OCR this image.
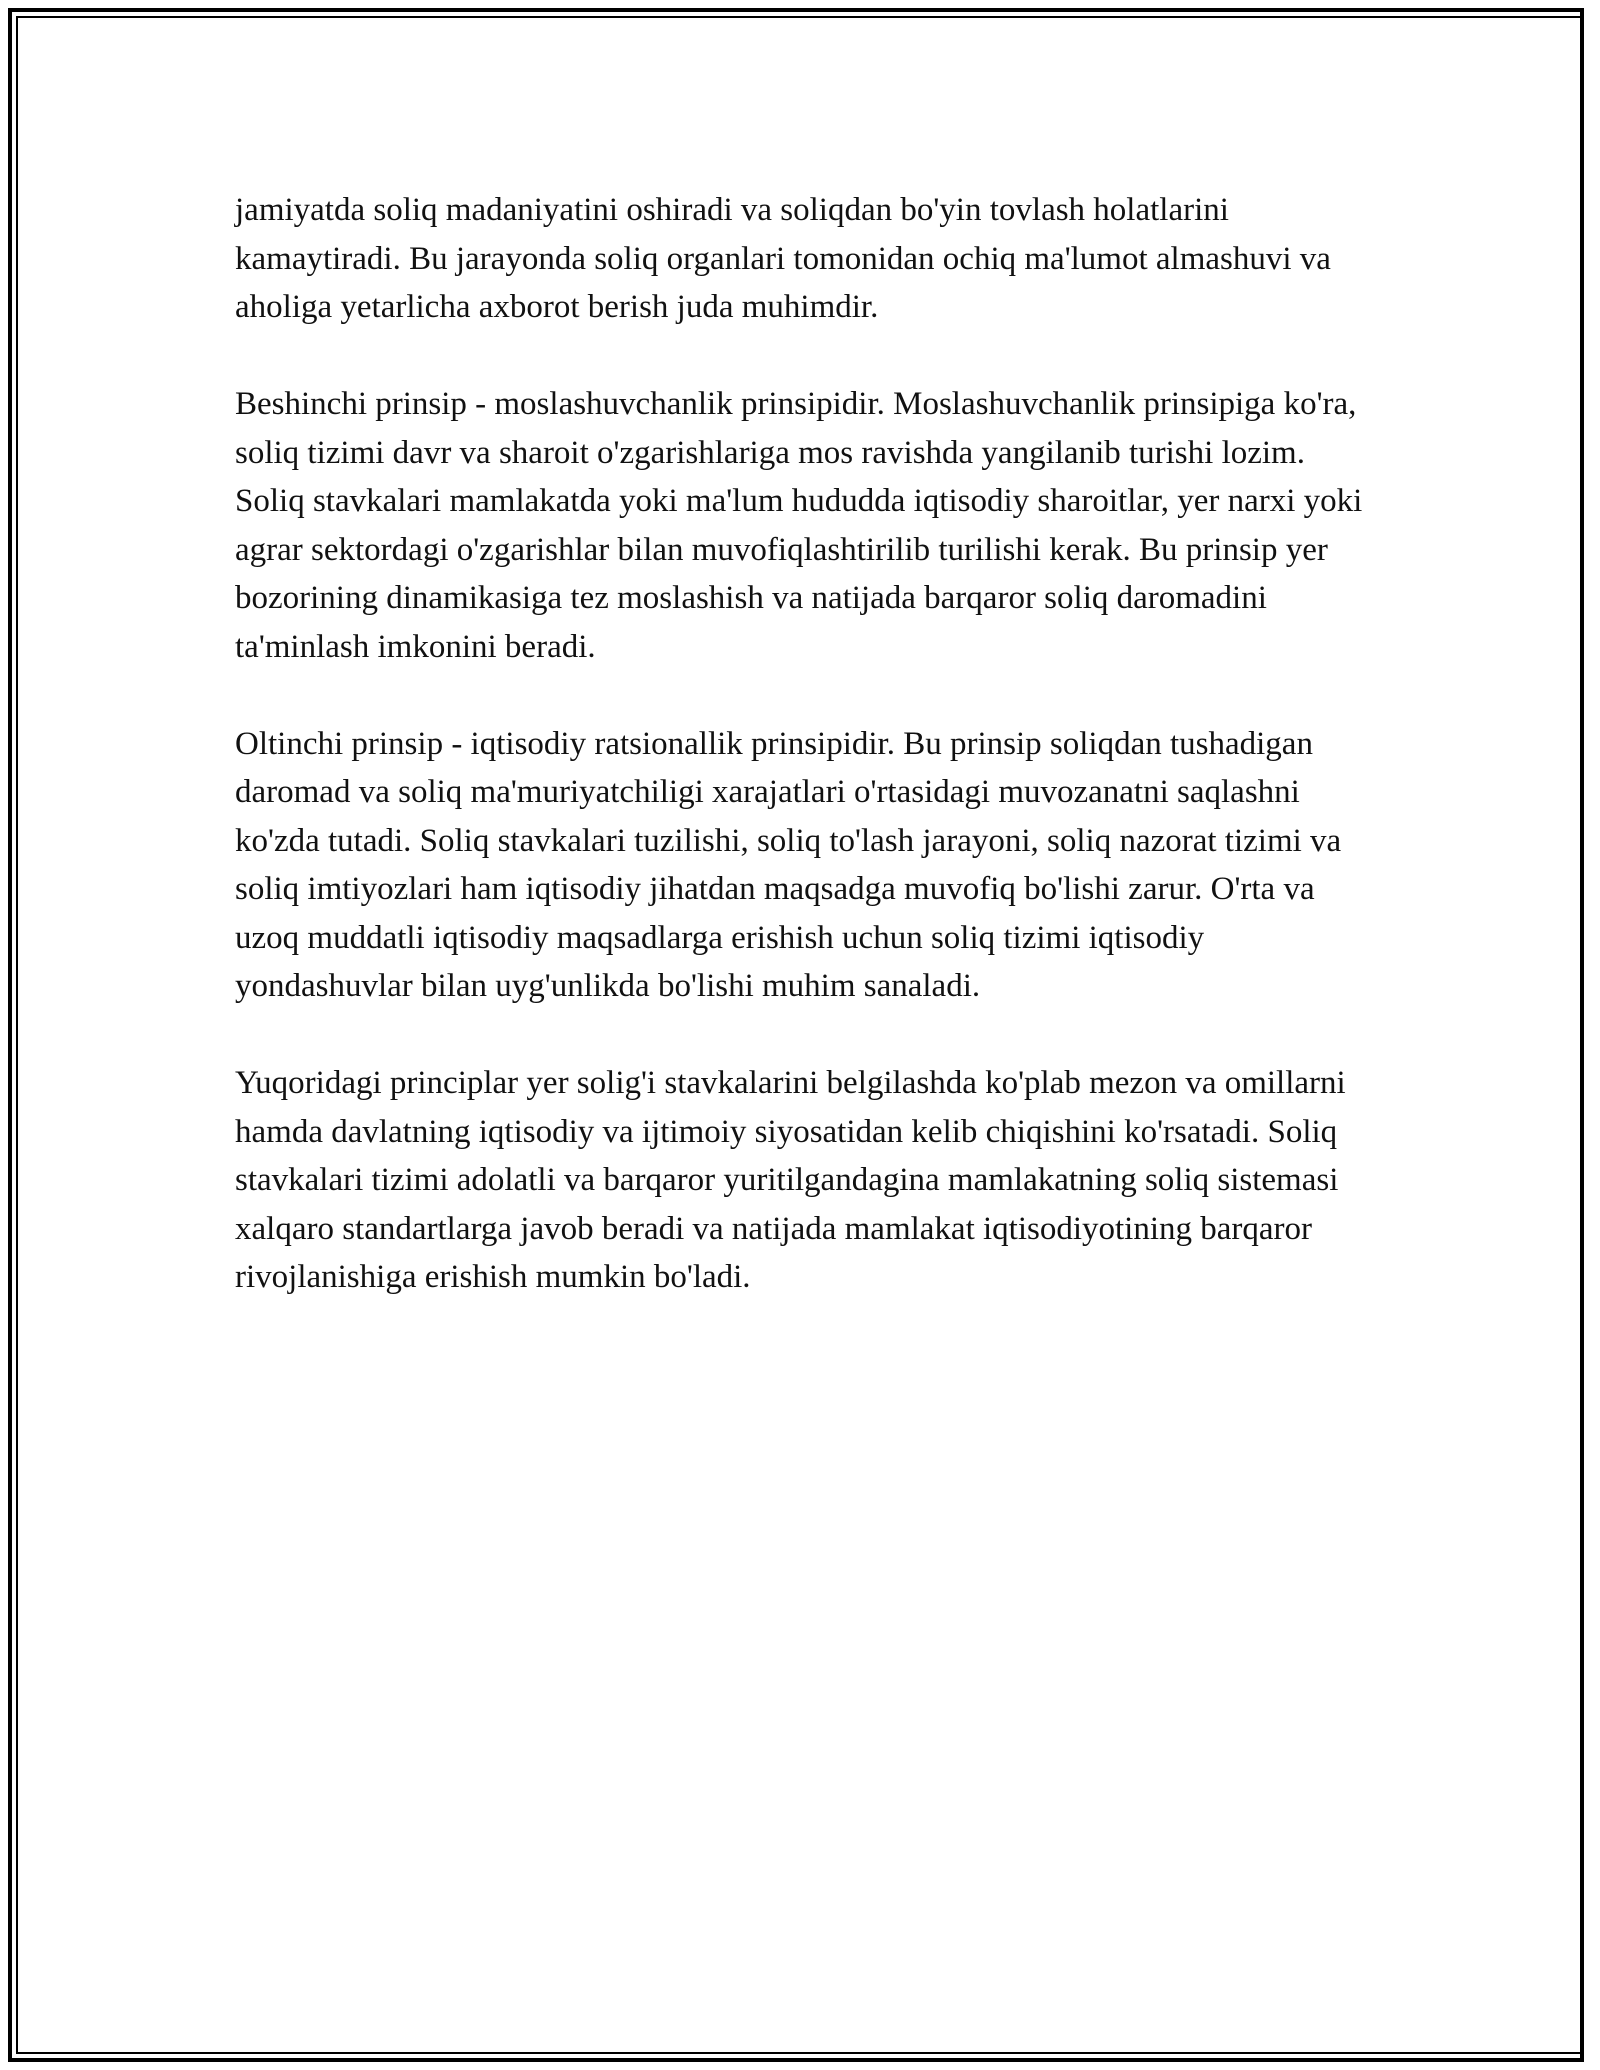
jamiyatda soliq madaniyatini oshiradi va soliqdan bo'yin tovlash holatlarini kamaytiradi. Bu jarayonda soliq organlari tomonidan ochiq ma'lumot almashuvi va aholiga yetarlicha axborot berish juda muhimdir.

Beshinchi prinsip - moslashuvchanlik prinsipidir. Moslashuvchanlik prinsipiga ko'ra, soliq tizimi davr va sharoit o'zgarishlariga mos ravishda yangilanib turishi lozim. Soliq stavkalari mamlakatda yoki ma'lum hududda iqtisodiy sharoitlar, yer narxi yoki agrar sektordagi o'zgarishlar bilan muvofiqlashtirilib turilishi kerak. Bu prinsip yer bozorining dinamikasiga tez moslashish va natijada barqaror soliq daromadini ta'minlash imkonini beradi.

Oltinchi prinsip - iqtisodiy ratsionallik prinsipidir. Bu prinsip soliqdan tushadigan daromad va soliq ma'muriyatchiligi xarajatlari o'rtasidagi muvozanatni saqlashni ko'zda tutadi. Soliq stavkalari tuzilishi, soliq to'lash jarayoni, soliq nazorat tizimi va soliq imtiyozlari ham iqtisodiy jihatdan maqsadga muvofiq bo'lishi zarur. O'rta va uzoq muddatli iqtisodiy maqsadlarga erishish uchun soliq tizimi iqtisodiy yondashuvlar bilan uyg'unlikda bo'lishi muhim sanaladi.

Yuqoridagi principlar yer solig'i stavkalarini belgilashda ko'plab mezon va omillarni hamda davlatning iqtisodiy va ijtimoiy siyosatidan kelib chiqishini ko'rsatadi. Soliq stavkalari tizimi adolatli va barqaror yuritilgandagina mamlakatning soliq sistemasi xalqaro standartlarga javob beradi va natijada mamlakat iqtisodiyotining barqaror rivojlanishiga erishish mumkin bo'ladi.
